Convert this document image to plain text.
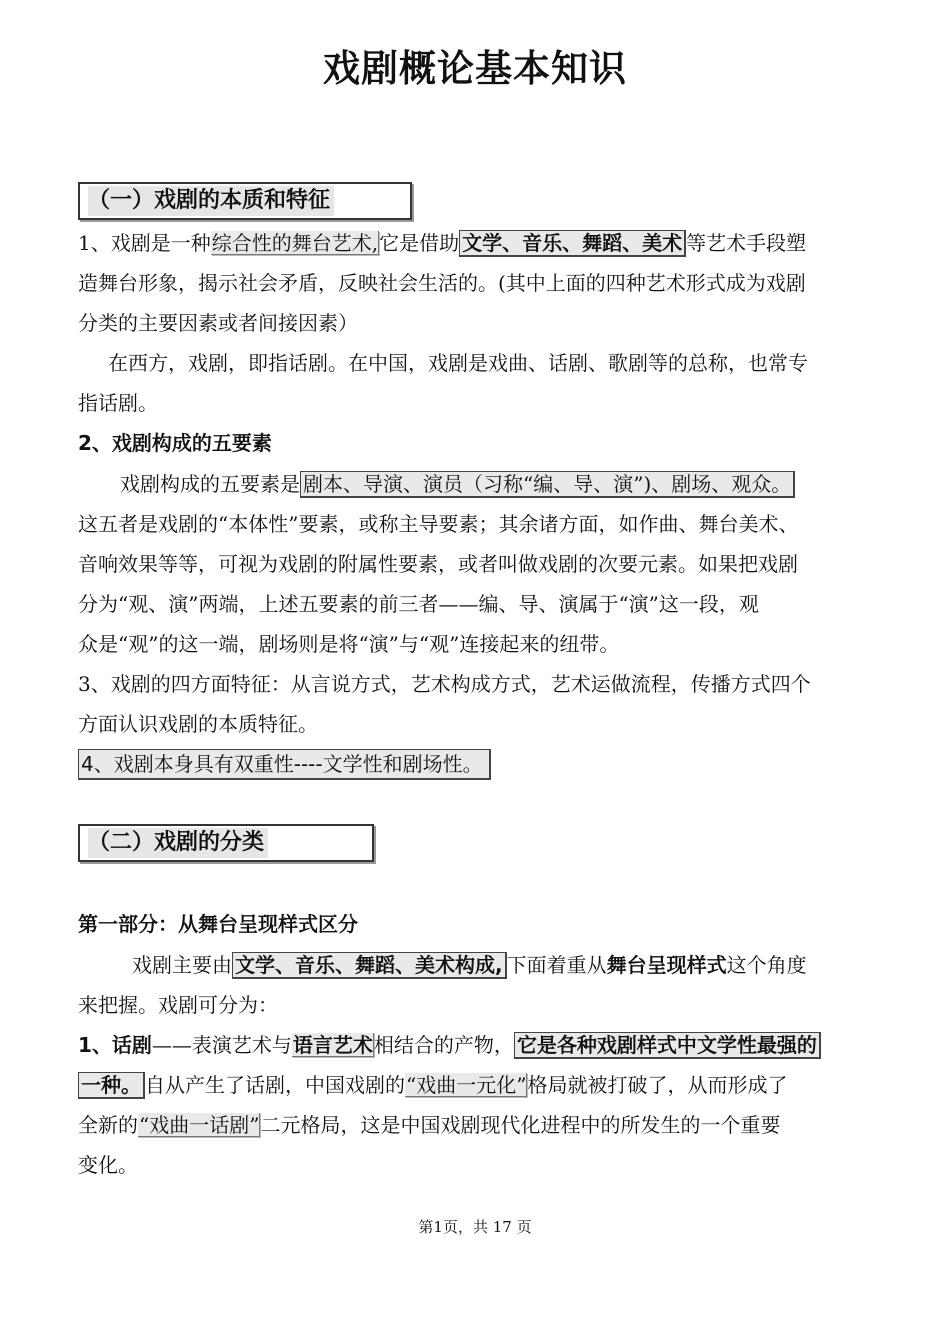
戏剧概论基本知识
（一）戏剧的本质和特征
1、戏剧是一种综合性的舞台艺术,它是借助 文学、音乐、舞蹈、美术 等艺术手段塑
造舞台形象，揭示社会矛盾，反映社会生活的。(其中上面的四种艺术形式成为戏剧
分类的主要因素或者间接因素）
在西方，戏剧，即指话剧。在中国，戏剧是戏曲、话剧、歌剧等的总称，也常专
指话剧。
2、戏剧构成的五要素
戏剧构成的五要素是 剧本、导演、演员（习称“编、导、演”)、剧场、观众。
这五者是戏剧的“本体性”要素，或称主导要素；其余诸方面，如作曲、舞台美术、
音响效果等等，可视为戏剧的附属性要素，或者叫做戏剧的次要元素。如果把戏剧
分为“观、演”两端，上述五要素的前三者——编、导、演属于“演”这一段，观
众是“观”的这一端，剧场则是将“演”与“观”连接起来的纽带。
3、戏剧的四方面特征：从言说方式，艺术构成方式，艺术运做流程，传播方式四个
方面认识戏剧的本质特征。
4、戏剧本身具有双重性----文学性和剧场性。
（二）戏剧的分类
第一部分：从舞台呈现样式区分
戏剧主要由 文学、音乐、舞蹈、美术构成, 下面着重从舞台呈现样式这个角度
来把握。戏剧可分为：
1、话剧——表演艺术与语言艺术相结合的产物， 它是各种戏剧样式中文学性最强的
一种。 自从产生了话剧，中国戏剧的“戏曲一元化”格局就被打破了，从而形成了
全新的“戏曲一话剧”二元格局，这是中国戏剧现代化进程中的所发生的一个重要
变化。
第1页，共 17 页
